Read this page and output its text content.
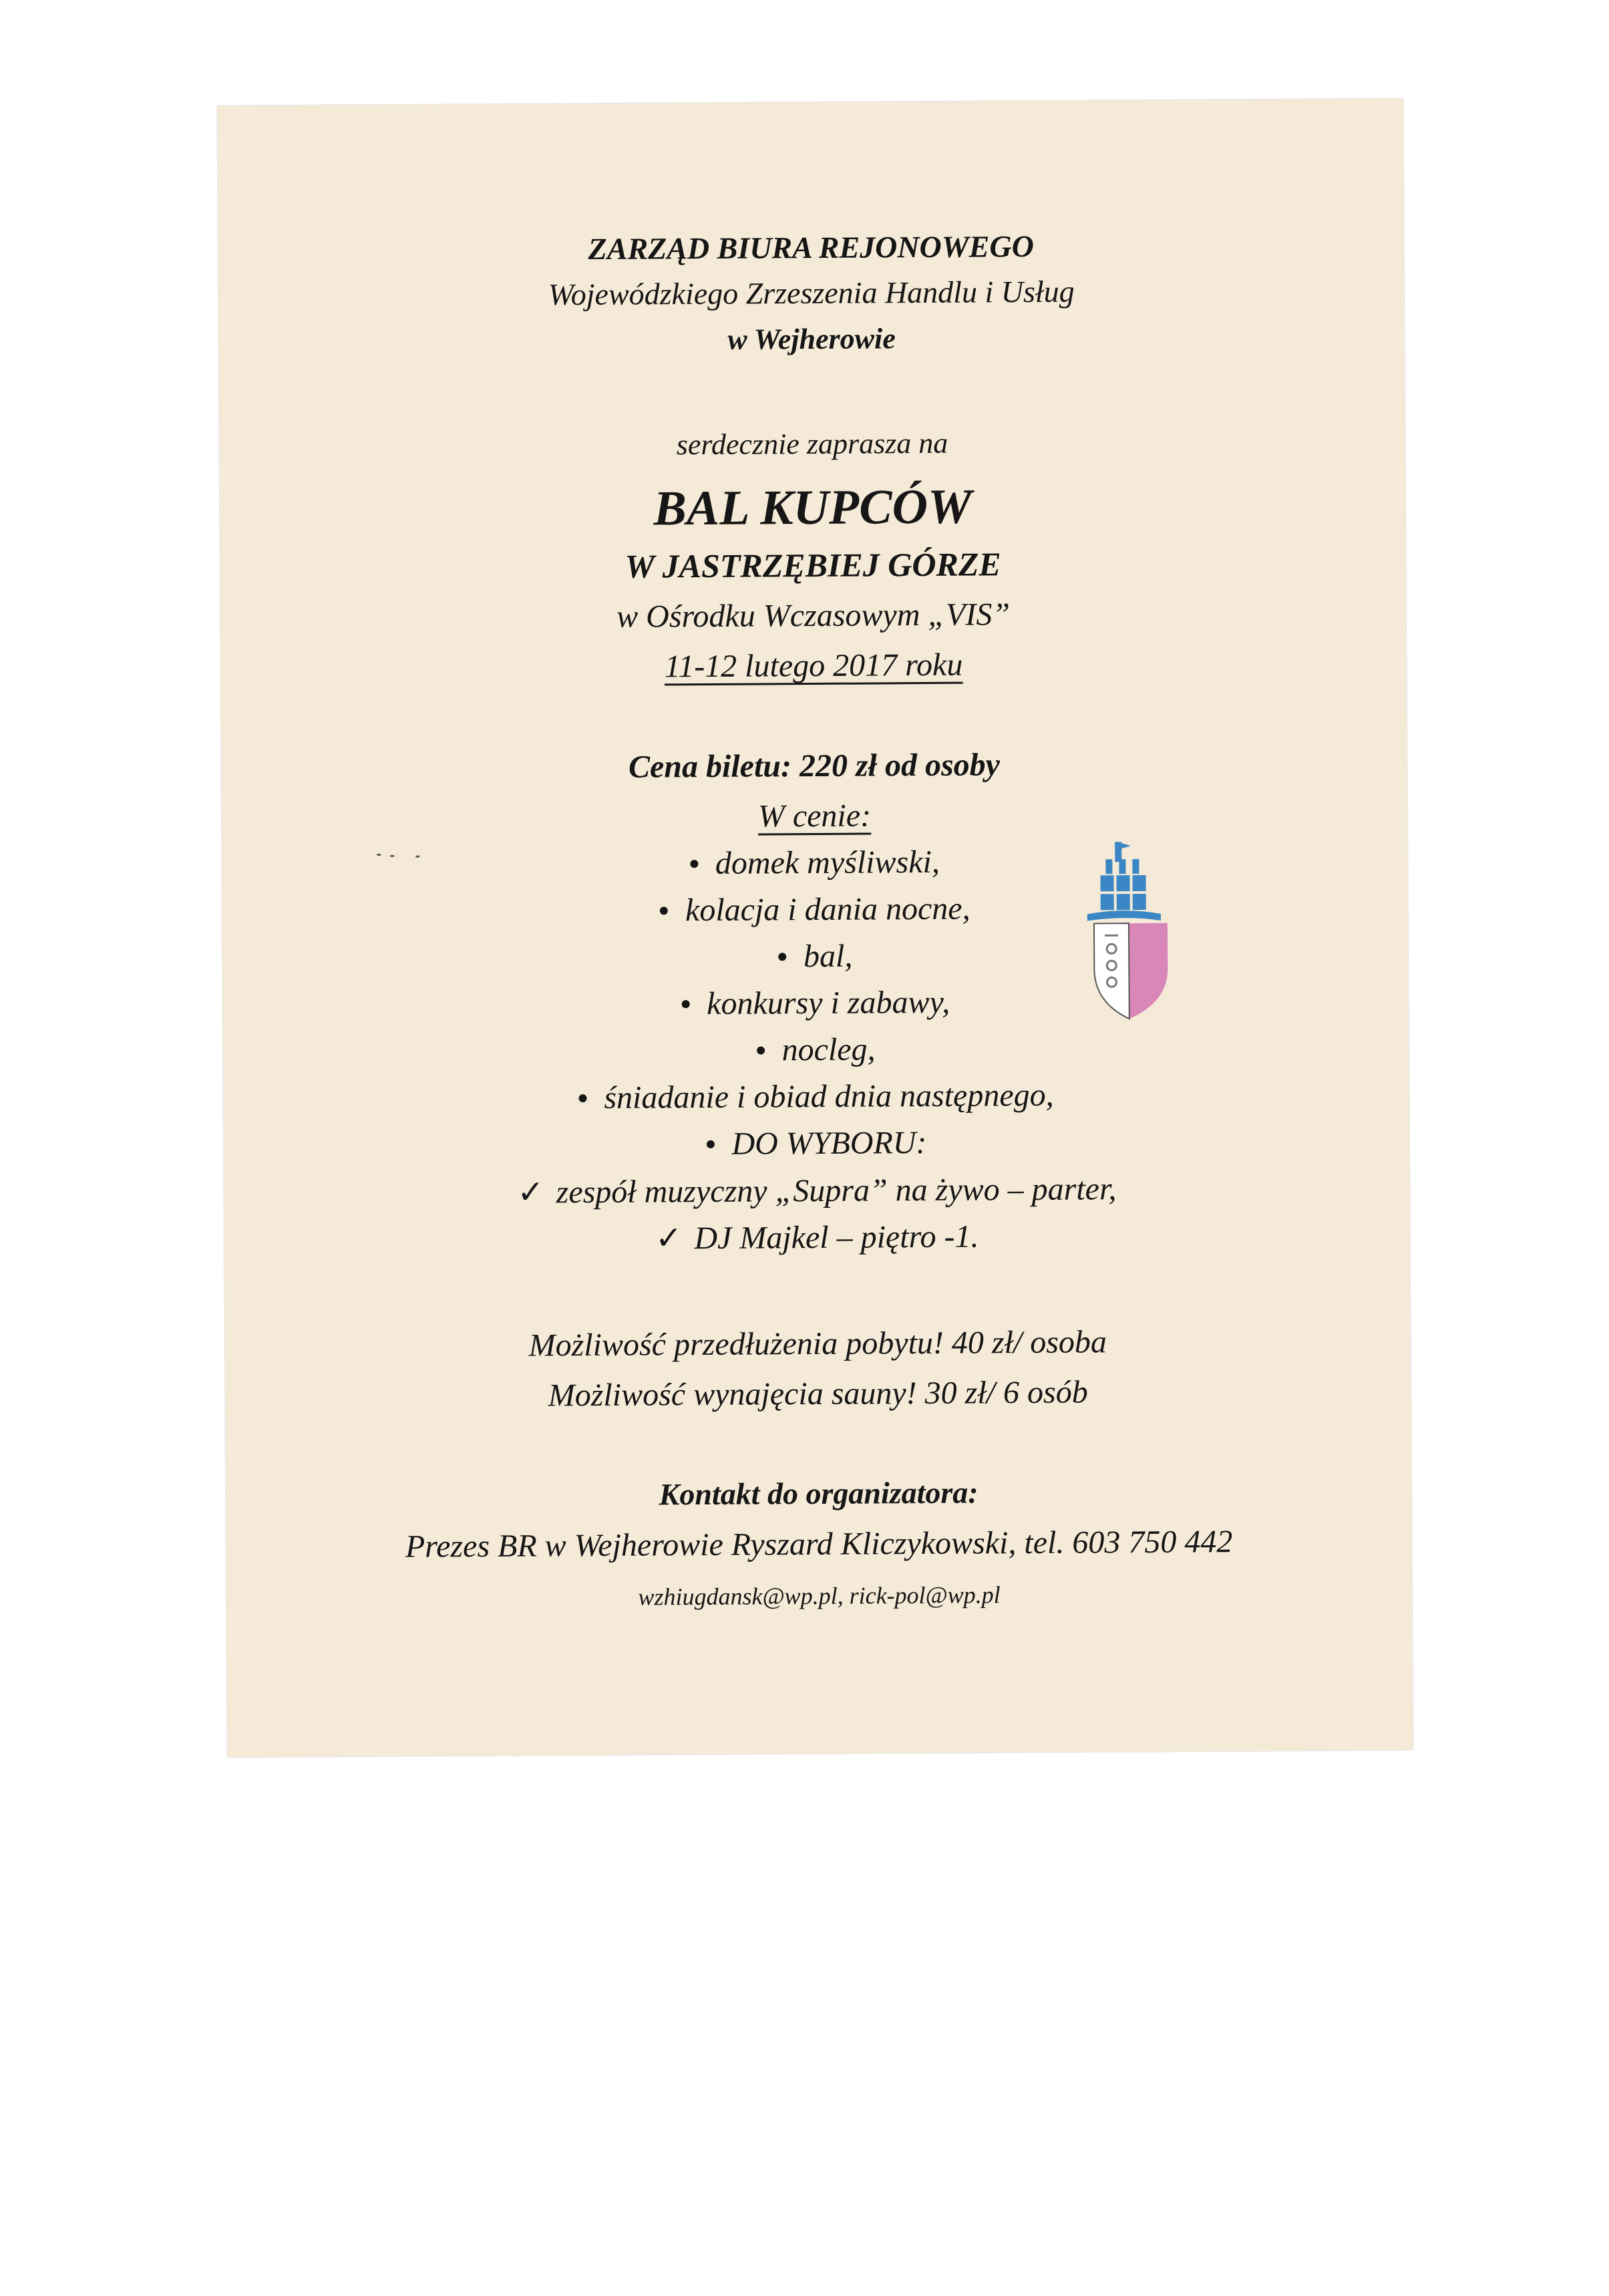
ZARZĄD BIURA REJONOWEGO
Wojewódzkiego Zrzeszenia Handlu i Usług
w Wejherowie
serdecznie zaprasza na
BAL KUPCÓW
W JASTRZĘBIEJ GÓRZE
w Ośrodku Wczasowym „VIS”
11-12 lutego 2017 roku
Cena biletu: 220 zł od osoby
W cenie:
domek myśliwski,
kolacja i dania nocne,
bal,
konkursy i zabawy,
nocleg,
śniadanie i obiad dnia następnego,
DO WYBORU:
✓ zespół muzyczny „Supra” na żywo – parter,
✓ DJ Majkel – piętro -1.
Możliwość przedłużenia pobytu! 40 zł/ osoba
Możliwość wynajęcia sauny! 30 zł/ 6 osób
Kontakt do organizatora:
Prezes BR w Wejherowie Ryszard Kliczykowski, tel. 603 750 442
wzhiugdansk@wp.pl, rick-pol@wp.pl
